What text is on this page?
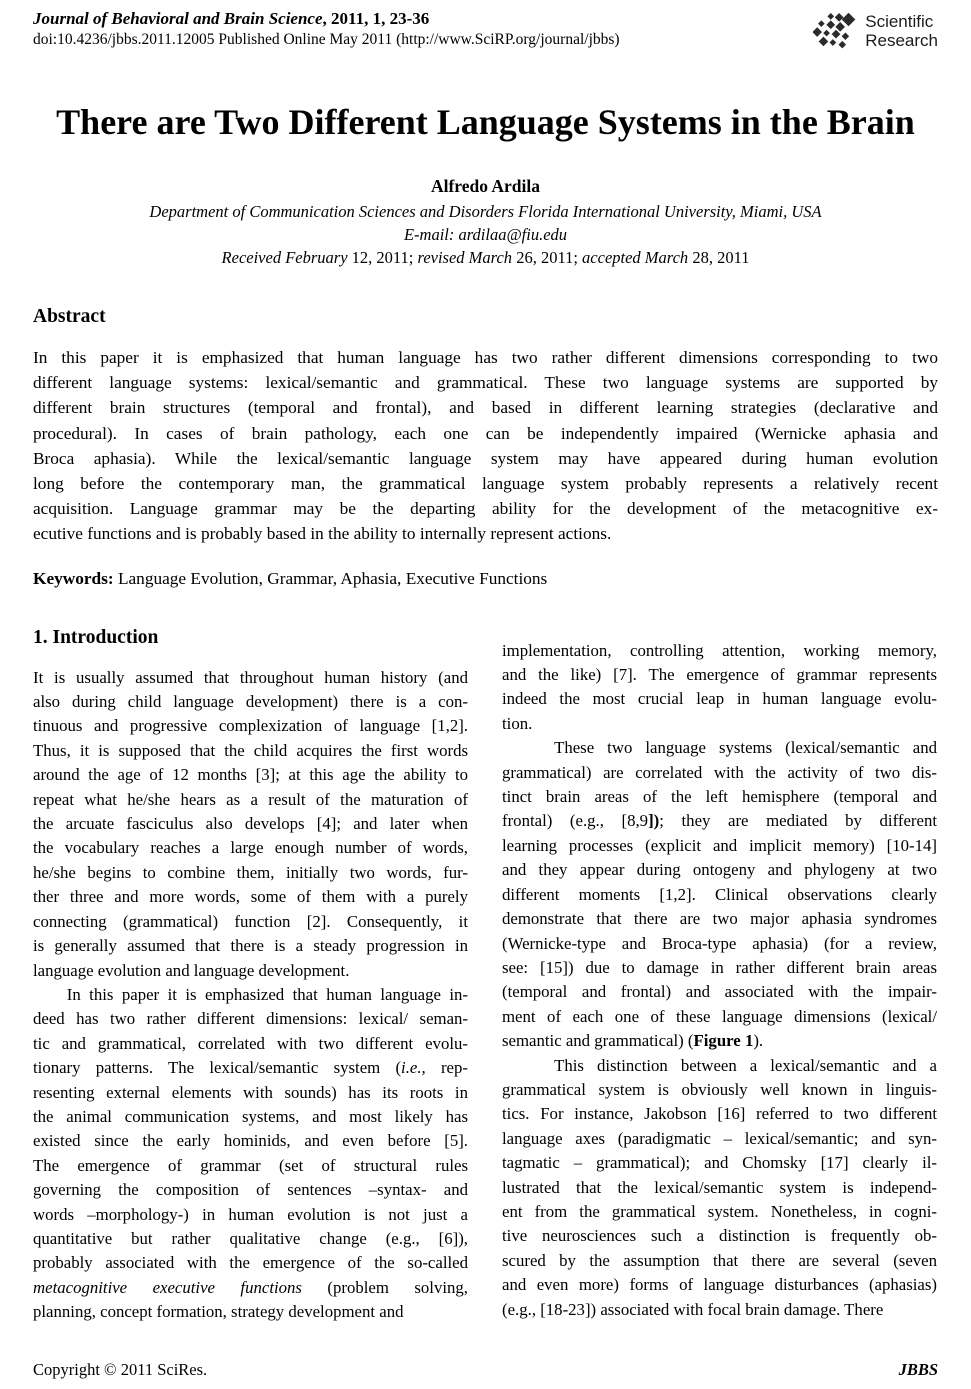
Journal of Behavioral and Brain Science, 2011, 1, 23-36
doi:10.4236/jbbs.2011.12005 Published Online May 2011 (http://www.SciRP.org/journal/jbbs)
Scientific
Research
There are Two Different Language Systems in the Brain
Alfredo Ardila
Department of Communication Sciences and Disorders Florida International University, Miami, USA
E-mail: ardilaa@fiu.edu
Received February 12, 2011; revised March 26, 2011; accepted March 28, 2011
Abstract
In this paper it is emphasized that human language has two rather different dimensions corresponding to two
different language systems: lexical/semantic and grammatical. These two language systems are supported by
different brain structures (temporal and frontal), and based in different learning strategies (declarative and
procedural). In cases of brain pathology, each one can be independently impaired (Wernicke aphasia and
Broca aphasia). While the lexical/semantic language system may have appeared during human evolution
long before the contemporary man, the grammatical language system probably represents a relatively recent
acquisition. Language grammar may be the departing ability for the development of the metacognitive ex-
ecutive functions and is probably based in the ability to internally represent actions.
Keywords: Language Evolution, Grammar, Aphasia, Executive Functions
1. Introduction
It is usually assumed that throughout human history (and
also during child language development) there is a con-
tinuous and progressive complexization of language [1,2].
Thus, it is supposed that the child acquires the first words
around the age of 12 months [3]; at this age the ability to
repeat what he/she hears as a result of the maturation of
the arcuate fasciculus also develops [4]; and later when
the vocabulary reaches a large enough number of words,
he/she begins to combine them, initially two words, fur-
ther three and more words, some of them with a purely
connecting (grammatical) function [2]. Consequently, it
is generally assumed that there is a steady progression in
language evolution and language development.
In this paper it is emphasized that human language in-
deed has two rather different dimensions: lexical/ seman-
tic and grammatical, correlated with two different evolu-
tionary patterns. The lexical/semantic system (i.e., rep-
resenting external elements with sounds) has its roots in
the animal communication systems, and most likely has
existed since the early hominids, and even before [5].
The emergence of grammar (set of structural rules
governing the composition of sentences –syntax- and
words –morphology-) in human evolution is not just a
quantitative but rather qualitative change (e.g., [6]),
probably associated with the emergence of the so-called
metacognitive executive functions (problem solving,
planning, concept formation, strategy development and
implementation, controlling attention, working memory,
and the like) [7]. The emergence of grammar represents
indeed the most crucial leap in human language evolu-
tion.
These two language systems (lexical/semantic and
grammatical) are correlated with the activity of two dis-
tinct brain areas of the left hemisphere (temporal and
frontal) (e.g., [8,9]); they are mediated by different
learning processes (explicit and implicit memory) [10-14]
and they appear during ontogeny and phylogeny at two
different moments [1,2]. Clinical observations clearly
demonstrate that there are two major aphasia syndromes
(Wernicke-type and Broca-type aphasia) (for a review,
see: [15]) due to damage in rather different brain areas
(temporal and frontal) and associated with the impair-
ment of each one of these language dimensions (lexical/
semantic and grammatical) (Figure 1).
This distinction between a lexical/semantic and a
grammatical system is obviously well known in linguis-
tics. For instance, Jakobson [16] referred to two different
language axes (paradigmatic – lexical/semantic; and syn-
tagmatic – grammatical); and Chomsky [17] clearly il-
lustrated that the lexical/semantic system is independ-
ent from the grammatical system. Nonetheless, in cogni-
tive neurosciences such a distinction is frequently ob-
scured by the assumption that there are several (seven
and even more) forms of language disturbances (aphasias)
(e.g., [18-23]) associated with focal brain damage. There
Copyright © 2011 SciRes.	JBBS
